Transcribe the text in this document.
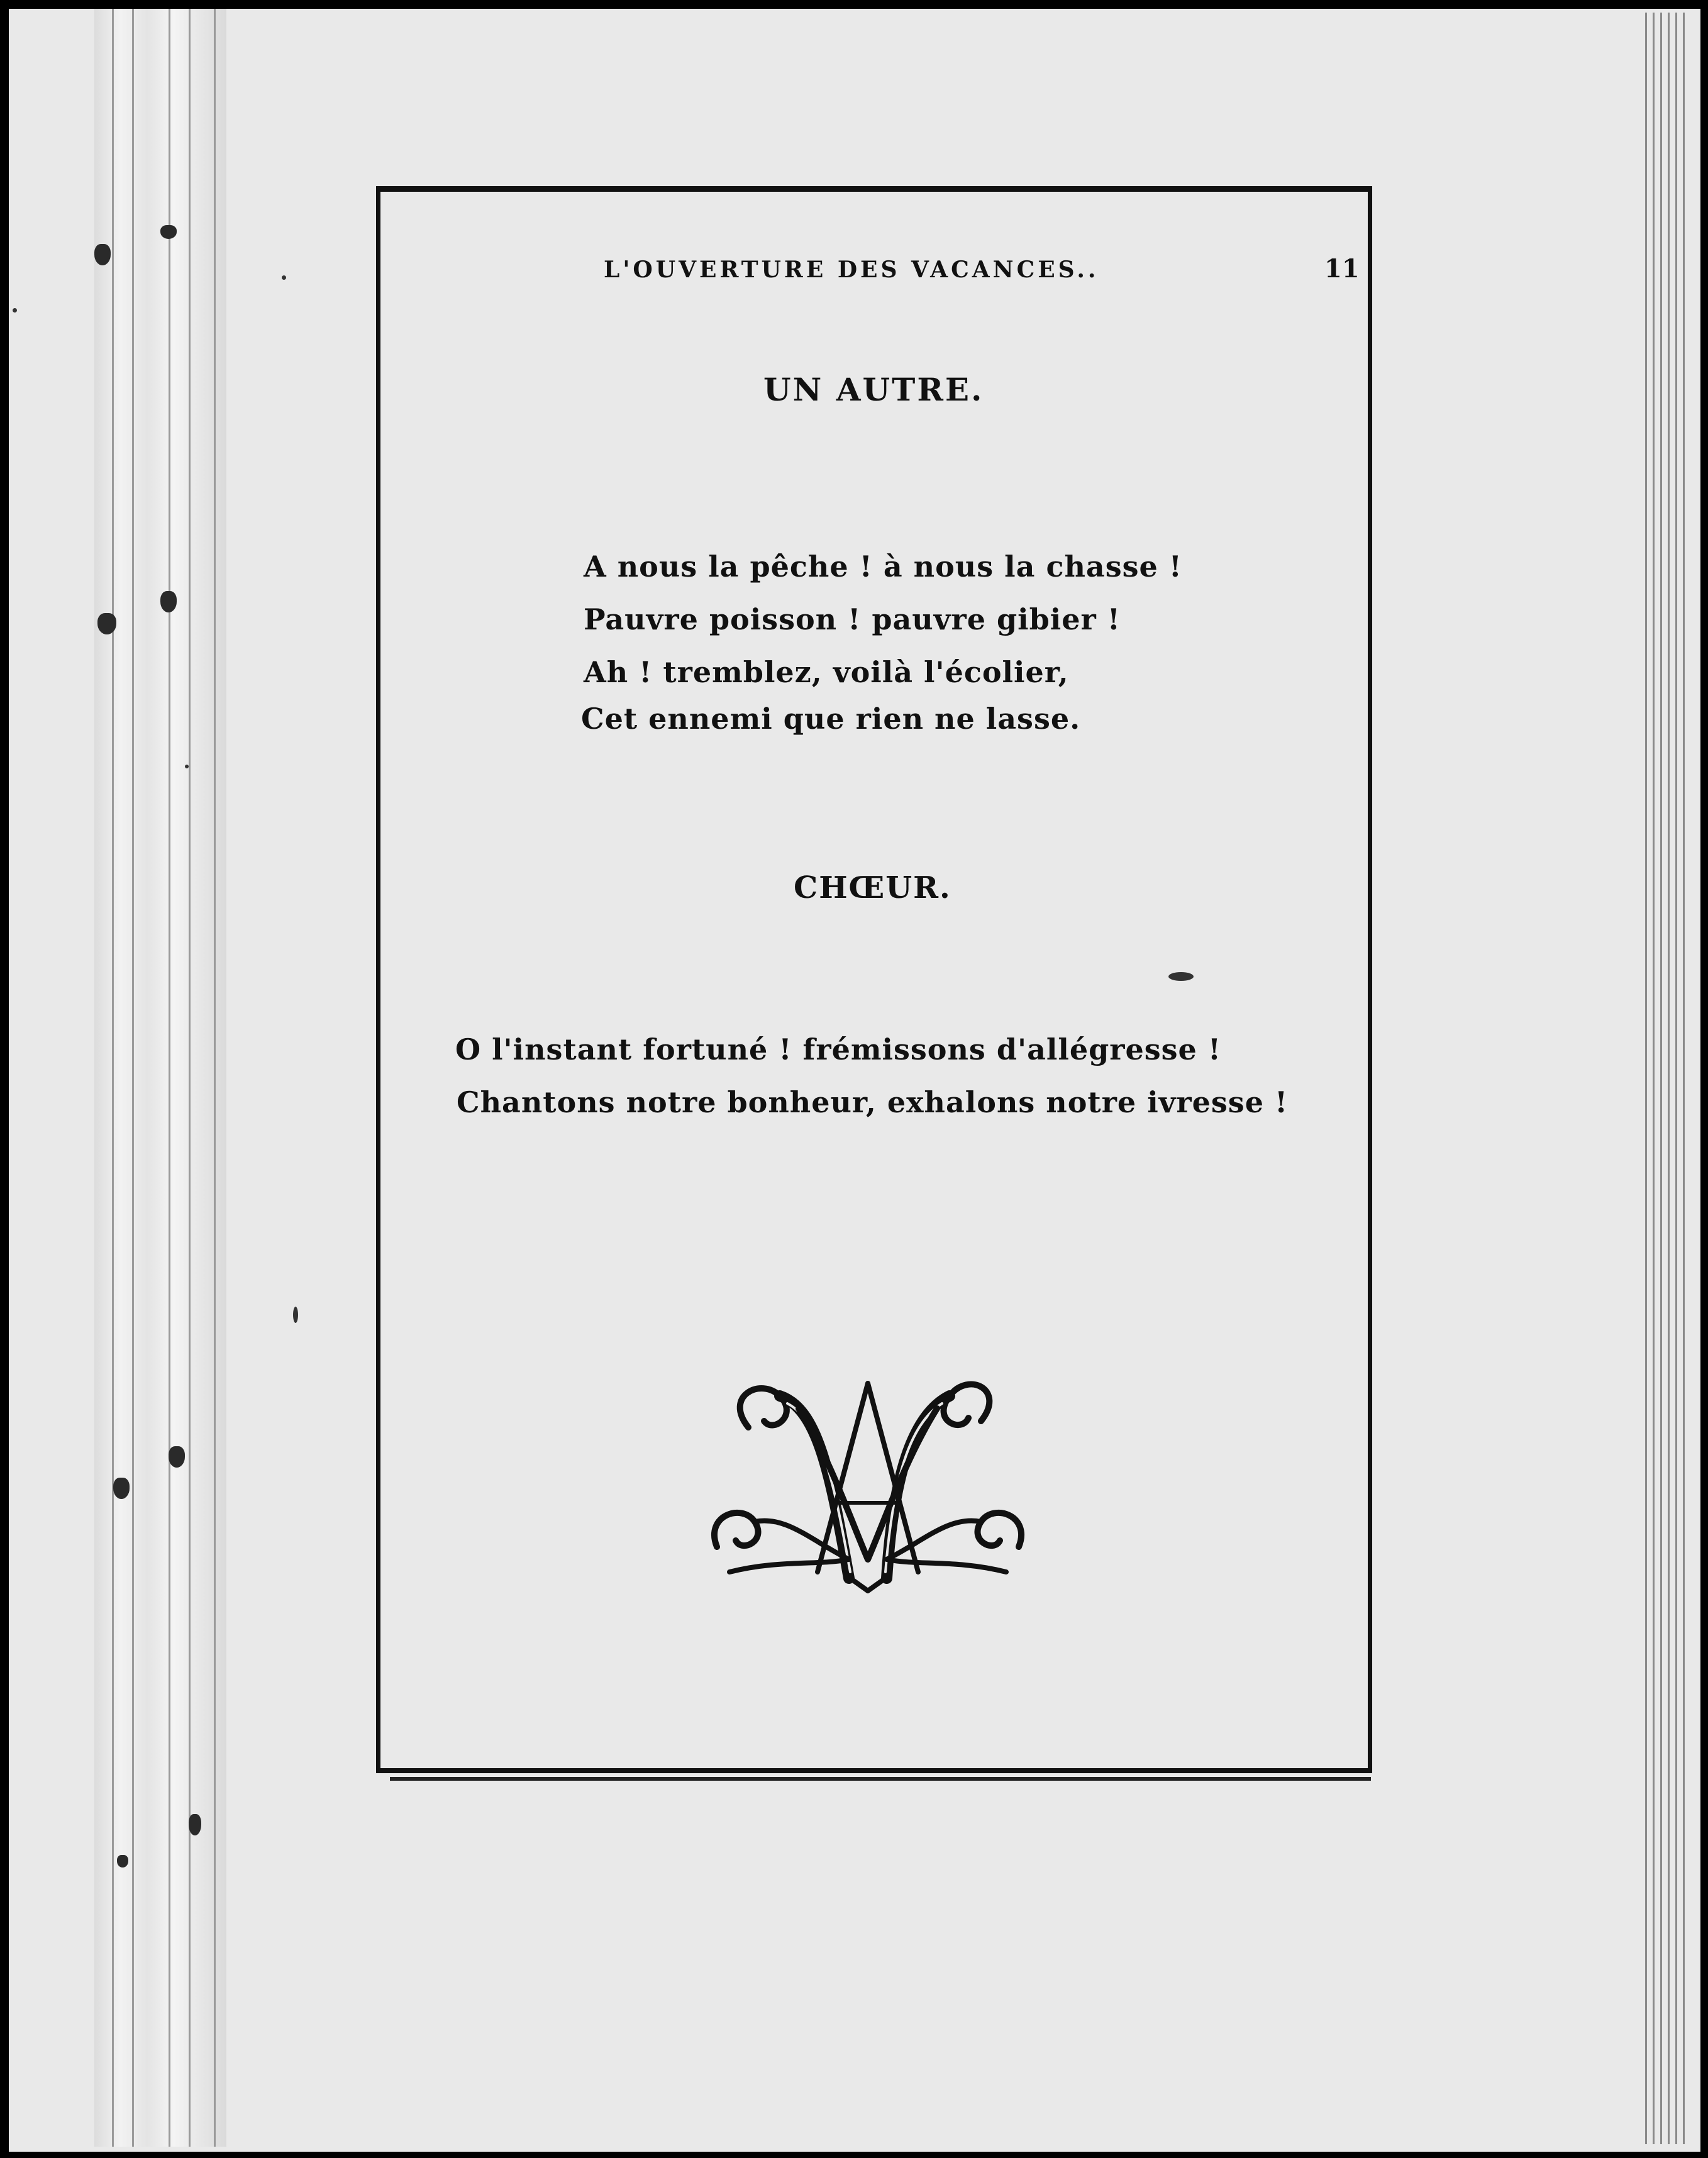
L'OUVERTURE DES VACANCES..	11
UN AUTRE.
A nous la pêche ! à nous la chasse !
Pauvre poisson ! pauvre gibier !
Ah ! tremblez, voilà l'écolier,
Cet ennemi que rien ne lasse.
CHŒUR.
O l'instant fortuné ! frémissons d'allégresse !
Chantons notre bonheur, exhalons notre ivresse !
